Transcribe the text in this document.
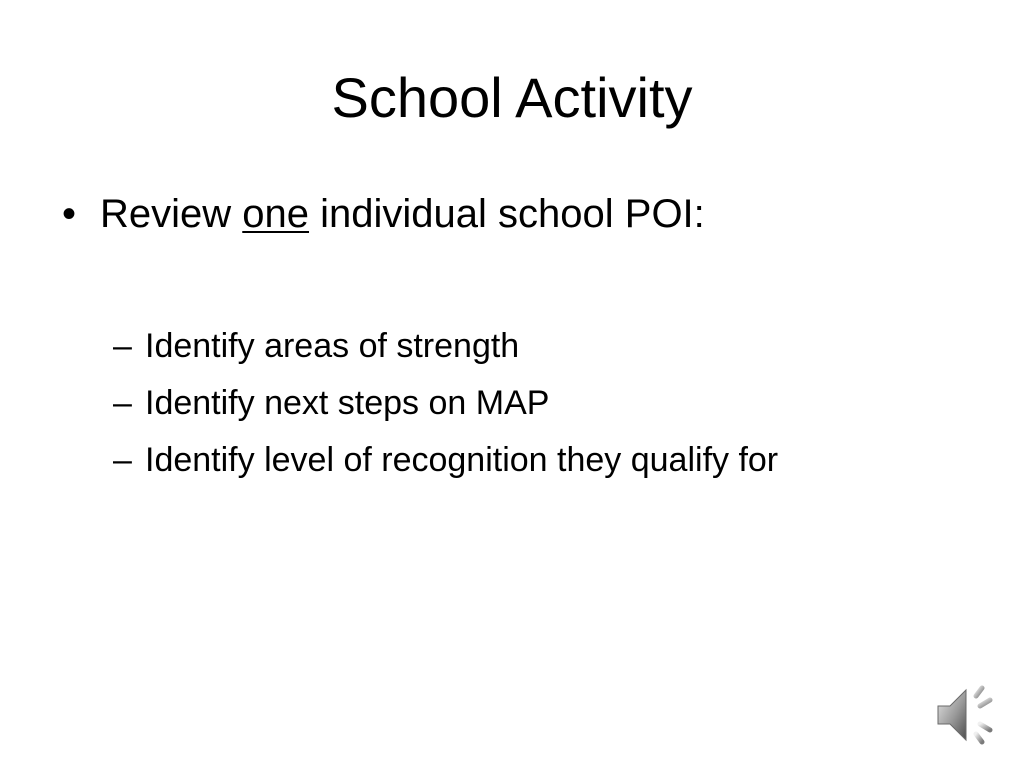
School Activity
• Review one individual school POI:
– Identify areas of strength
– Identify next steps on MAP
– Identify level of recognition they qualify for
